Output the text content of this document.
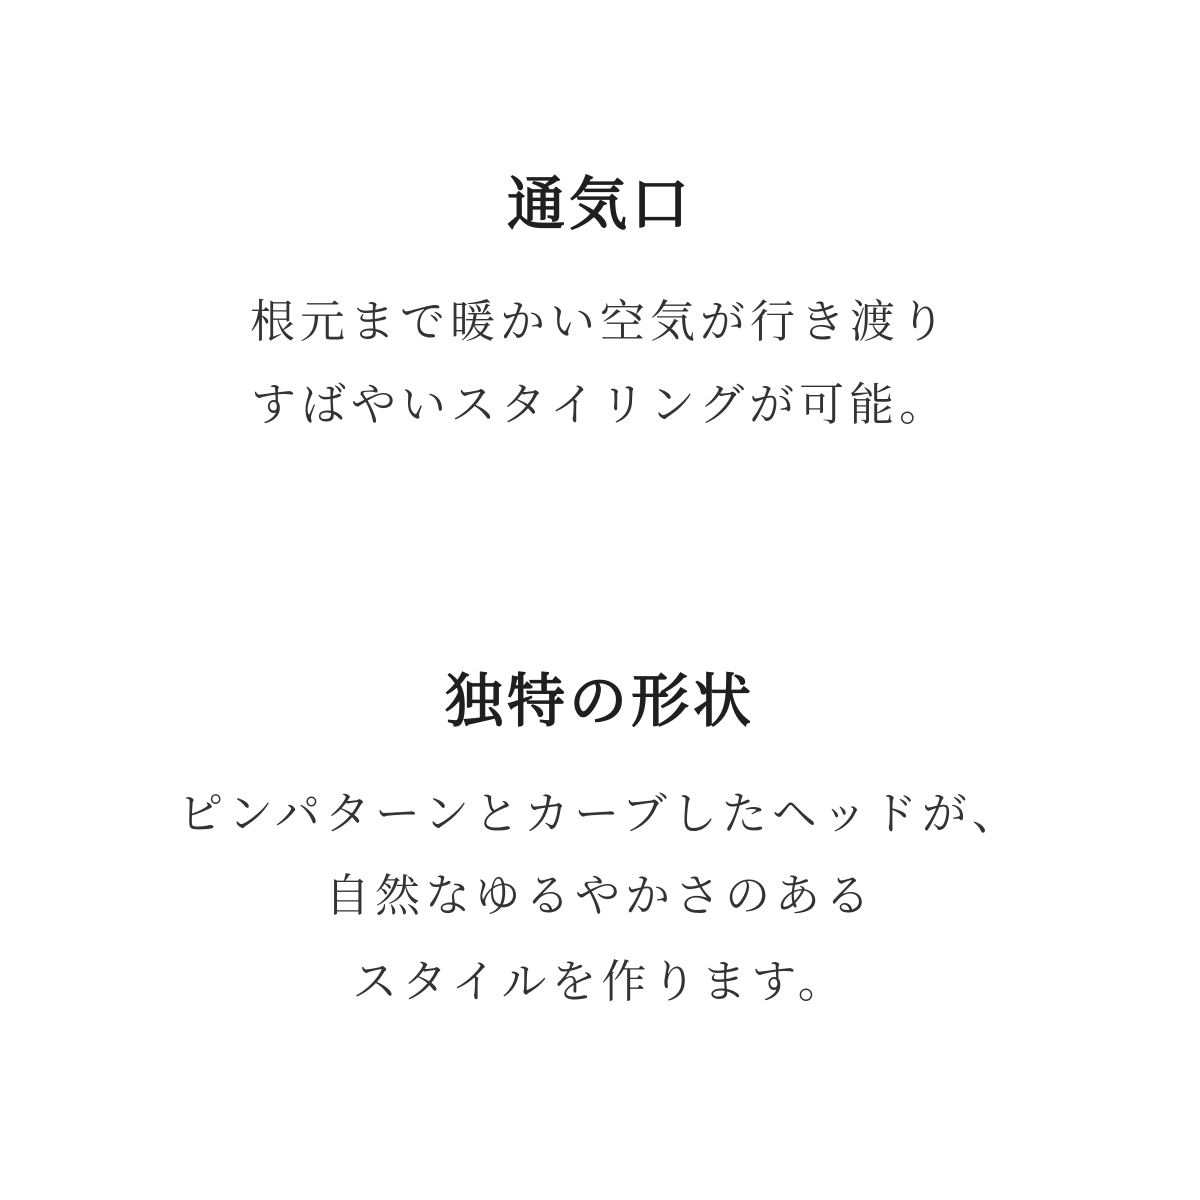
通気口

根元まで暖かい空気が行き渡り

すばやいスタイリングが可能。

独特の形状

ピンパターンとカーブしたヘッドが、

自然なゆるやかさのある

スタイルを作ります。
